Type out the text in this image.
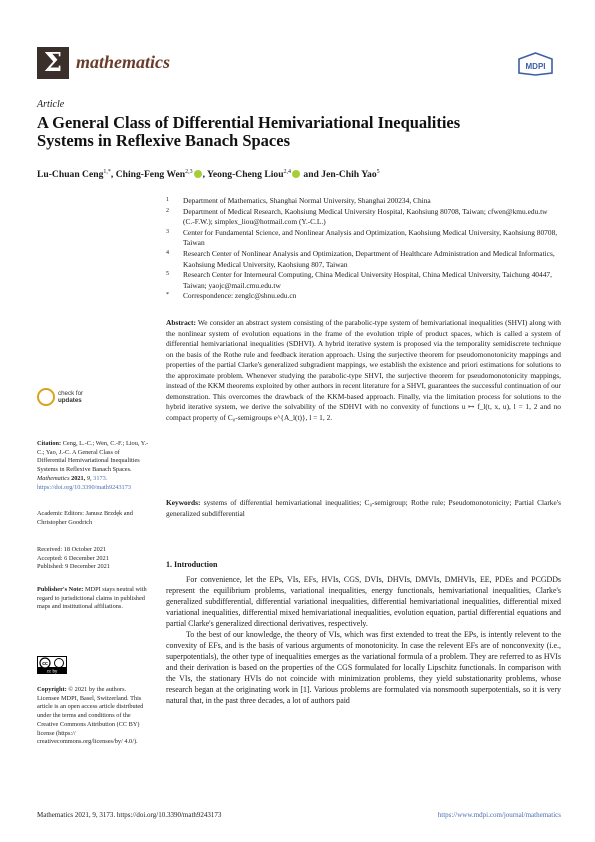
Σ mathematics	MDPI
Article
A General Class of Differential Hemivariational Inequalities Systems in Reflexive Banach Spaces
Lu-Chuan Ceng$^{1,*}$, Ching-Feng Wen$^{2,3}$ , Yeong-Cheng Liou$^{2,4}$ and Jen-Chih Yao$^5$
1 Department of Mathematics, Shanghai Normal University, Shanghai 200234, China
2 Department of Medical Research, Kaohsiung Medical University Hospital, Kaohsiung 80708, Taiwan; cfwen@kmu.edu.tw (C.-F.W.); simplex_liou@hotmail.com (Y.-C.L.)
3 Center for Fundamental Science, and Nonlinear Analysis and Optimization, Kaohsiung Medical University, Kaohsiung 80708, Taiwan
4 Research Center of Nonlinear Analysis and Optimization, Department of Healthcare Administration and Medical Informatics, Kaohsiung Medical University, Kaohsiung 807, Taiwan
5 Research Center for Interneural Computing, China Medical University Hospital, China Medical University, Taichung 40447, Taiwan; yaojc@mail.cmu.edu.tw
* Correspondence: zenglc@shnu.edu.cn
Abstract: We consider an abstract system consisting of the parabolic-type system of hemivariational inequalities (SHVI) along with the nonlinear system of evolution equations in the frame of the evolution triple of product spaces, which is called a system of differential hemivariational inequalities (SDHVI). A hybrid iterative system is proposed via the temporality semidiscrete technique on the basis of the Rothe rule and feedback iteration approach. Using the surjective theorem for pseudomonotonicity mappings and properties of the partial Clarke's generalized subgradient mappings, we establish the existence and priori estimations for solutions to the approximate problem. Whenever studying the parabolic-type SHVI, the surjective theorem for pseudomonotonicity mappings, instead of the KKM theorems exploited by other authors in recent literature for a SHVI, guarantees the successful continuation of our demonstration. This overcomes the drawback of the KKM-based approach. Finally, via the limitation process for solutions to the hybrid iterative system, we derive the solvability of the SDHVI with no convexity of functions u ↦ f_l(t, x, u), l = 1, 2 and no compact property of C₀-semigroups e^{A_l(t)}, l = 1, 2.
Keywords: systems of differential hemivariational inequalities; C₀-semigroup; Rothe rule; Pseudomonotonicity; Partial Clarke's generalized subdifferential
check for
updates
Citation: Ceng, L.-C.; Wen, C.-F.; Liou, Y.-C.; Yao, J.-C. A General Class of Differential Hemivariational Inequalities Systems in Reflexive Banach Spaces. Mathematics 2021, 9, 3173. https://doi.org/10.3390/math9243173
Academic Editors: Janusz Brzdęk and Christopher Goodrich
Received: 18 October 2021
Accepted: 6 December 2021
Published: 9 December 2021
Publisher's Note: MDPI stays neutral with regard to jurisdictional claims in published maps and institutional affiliations.
cc
cc by
Copyright: © 2021 by the authors. Licensee MDPI, Basel, Switzerland. This article is an open access article distributed under the terms and conditions of the Creative Commons Attribution (CC BY) license (https:// creativecommons.org/licenses/by/ 4.0/).
1. Introduction

For convenience, let the EPs, VIs, EFs, HVIs, CGS, DVIs, DHVIs, DMVIs, DMHVIs, EE, PDEs and PCGDDs represent the equilibrium problems, variational inequalities, energy functionals, hemivariational inequalities, Clarke's generalized subdifferential, differential variational inequalities, differential hemivariational inequalities, differential mixed variational inequalities, differential mixed hemivariational inequalities, evolution equation, partial differential equations and partial Clarke's generalized directional derivatives, respectively.

To the best of our knowledge, the theory of VIs, which was first extended to treat the EPs, is intently relevent to the convexity of EFs, and is the basis of various arguments of monotonicity. In case the relevent EFs are of nonconvexity (i.e., superpotentials), the other type of inequalities emerges as the variational formula of a problem. They are referred to as HVIs and their derivation is based on the properties of the CGS formulated for locally Lipschitz functionals. In comparison with the VIs, the stationary HVIs do not coincide with minimization problems, they yield substationarity problems, whose research began at the originating work in [1]. Various problems are formulated via nonsmooth superpotentials, so it is very natural that, in the past three decades, a lot of authors paid

Mathematics 2021, 9, 3173. https://doi.org/10.3390/math9243173	https://www.mdpi.com/journal/mathematics
